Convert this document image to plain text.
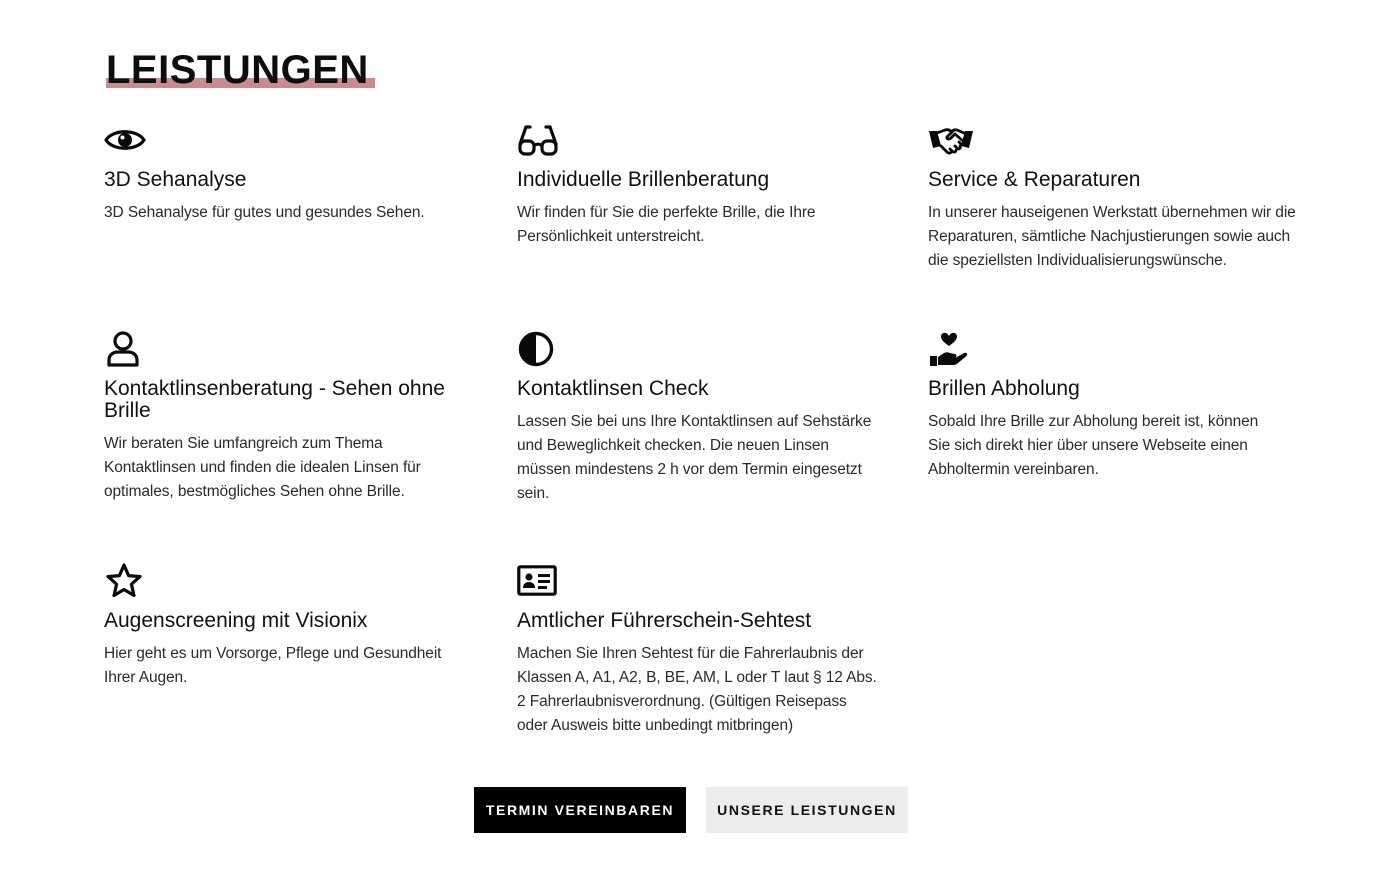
LEISTUNGEN
3D Sehanalyse

3D Sehanalyse für gutes und gesundes Sehen.

Individuelle Brillenberatung

Wir finden für Sie die perfekte Brille, die Ihre Persönlichkeit unterstreicht.

Service & Reparaturen

In unserer hauseigenen Werkstatt übernehmen wir die Reparaturen, sämtliche Nachjustierungen sowie auch die speziellsten Individualisierungswünsche.

Kontaktlinsenberatung - Sehen ohne Brille

Wir beraten Sie umfangreich zum Thema Kontaktlinsen und finden die idealen Linsen für optimales, bestmögliches Sehen ohne Brille.

Kontaktlinsen Check

Lassen Sie bei uns Ihre Kontaktlinsen auf Sehstärke und Beweglichkeit checken. Die neuen Linsen müssen mindestens 2 h vor dem Termin eingesetzt sein.

Brillen Abholung

Sobald Ihre Brille zur Abholung bereit ist, können Sie sich direkt hier über unsere Webseite einen Abholtermin vereinbaren.

Augenscreening mit Visionix

Hier geht es um Vorsorge, Pflege und Gesundheit Ihrer Augen.

Amtlicher Führerschein-Sehtest

Machen Sie Ihren Sehtest für die Fahrerlaubnis der Klassen A, A1, A2, B, BE, AM, L oder T laut § 12 Abs. 2 Fahrerlaubnisverordnung. (Gültigen Reisepass oder Ausweis bitte unbedingt mitbringen)

TERMIN VEREINBAREN	UNSERE LEISTUNGEN
